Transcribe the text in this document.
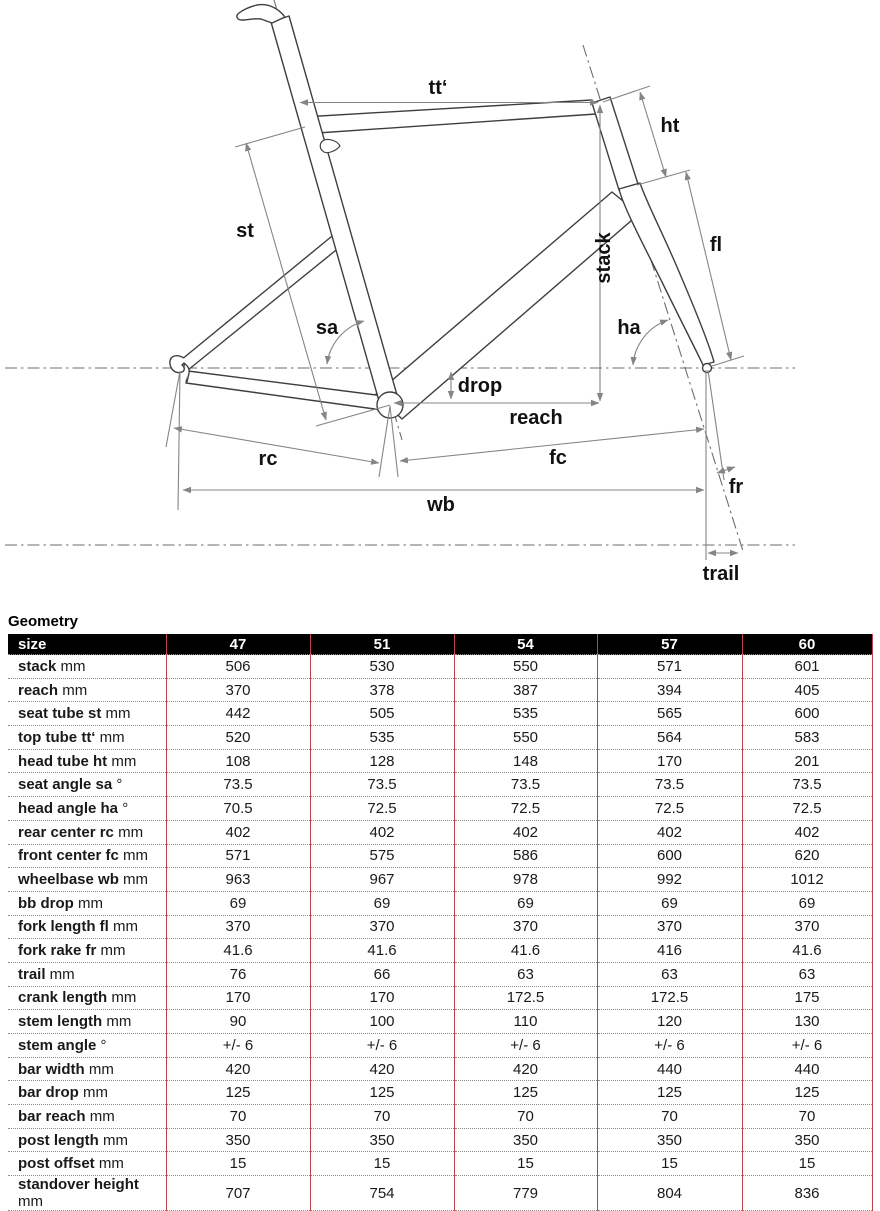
tt‘
ht
st
stack	fl
sa	ha
drop
reach
rc	fc
wb
fr
trail
Geometry
size	47	51	54	57	60
stack mm	506	530	550	571	601
reach mm	370	378	387	394	405
seat tube st mm	442	505	535	565	600
top tube tt‘ mm	520	535	550	564	583
head tube ht mm	108	128	148	170	201
seat angle sa °	73.5	73.5	73.5	73.5	73.5
head angle ha °	70.5	72.5	72.5	72.5	72.5
rear center rc mm	402	402	402	402	402
front center fc mm	571	575	586	600	620
wheelbase wb mm	963	967	978	992	1012
bb drop mm	69	69	69	69	69
fork length fl mm	370	370	370	370	370
fork rake fr mm	41.6	41.6	41.6	416	41.6
trail mm	76	66	63	63	63
crank length mm	170	170	172.5	172.5	175
stem length mm	90	100	110	120	130
stem angle °	+/- 6	+/- 6	+/- 6	+/- 6	+/- 6
bar width mm	420	420	420	440	440
bar drop mm	125	125	125	125	125
bar reach mm	70	70	70	70	70
post length mm	350	350	350	350	350
post offset mm	15	15	15	15	15
standover height mm	707	754	779	804	836
